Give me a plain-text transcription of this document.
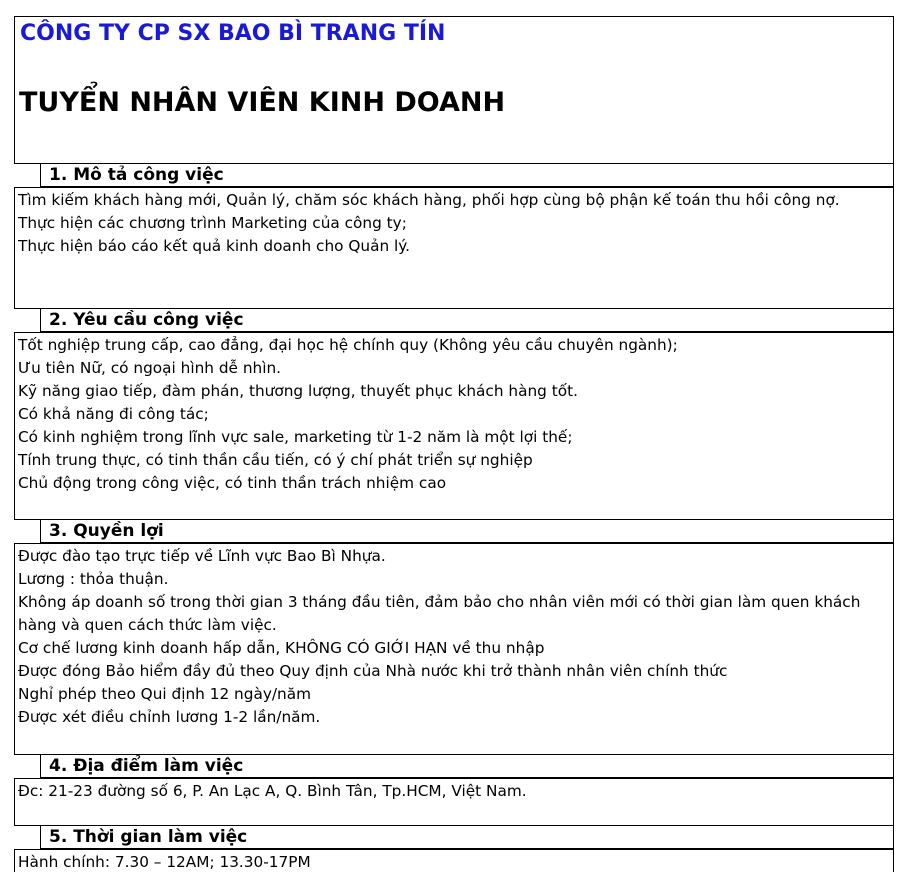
CÔNG TY CP SX BAO BÌ TRANG TÍN
TUYỂN NHÂN VIÊN KINH DOANH
1. Mô tả công việc
Tìm kiếm khách hàng mới, Quản lý, chăm sóc khách hàng, phối hợp cùng bộ phận kế toán thu hồi công nợ.
Thực hiện các chương trình Marketing của công ty;
Thực hiện báo cáo kết quả kinh doanh cho Quản lý.
2. Yêu cầu công việc
Tốt nghiệp trung cấp, cao đẳng, đại học hệ chính quy (Không yêu cầu chuyên ngành);
Ưu tiên Nữ, có ngoại hình dễ nhìn.
Kỹ năng giao tiếp, đàm phán, thương lượng, thuyết phục khách hàng tốt.
Có khả năng đi công tác;
Có kinh nghiệm trong lĩnh vực sale, marketing từ 1-2 năm là một lợi thế;
Tính trung thực, có tinh thần cầu tiến, có ý chí phát triển sự nghiệp
Chủ động trong công việc, có tinh thần trách nhiệm cao
3. Quyền lợi
Được đào tạo trực tiếp về Lĩnh vực Bao Bì Nhựa.
Lương : thỏa thuận.
Không áp doanh số trong thời gian 3 tháng đầu tiên, đảm bảo cho nhân viên mới có thời gian làm quen khách hàng và quen cách thức làm việc.
Cơ chế lương kinh doanh hấp dẫn, KHÔNG CÓ GIỚI HẠN về thu nhập
Được đóng Bảo hiểm đầy đủ theo Quy định của Nhà nước khi trở thành nhân viên chính thức
Nghỉ phép theo Qui định 12 ngày/năm
Được xét điều chỉnh lương 1-2 lần/năm.
4. Địa điểm làm việc
Đc: 21-23 đường số 6, P. An Lạc A, Q. Bình Tân, Tp.HCM, Việt Nam.
5. Thời gian làm việc
Hành chính: 7.30 – 12AM; 13.30-17PM
